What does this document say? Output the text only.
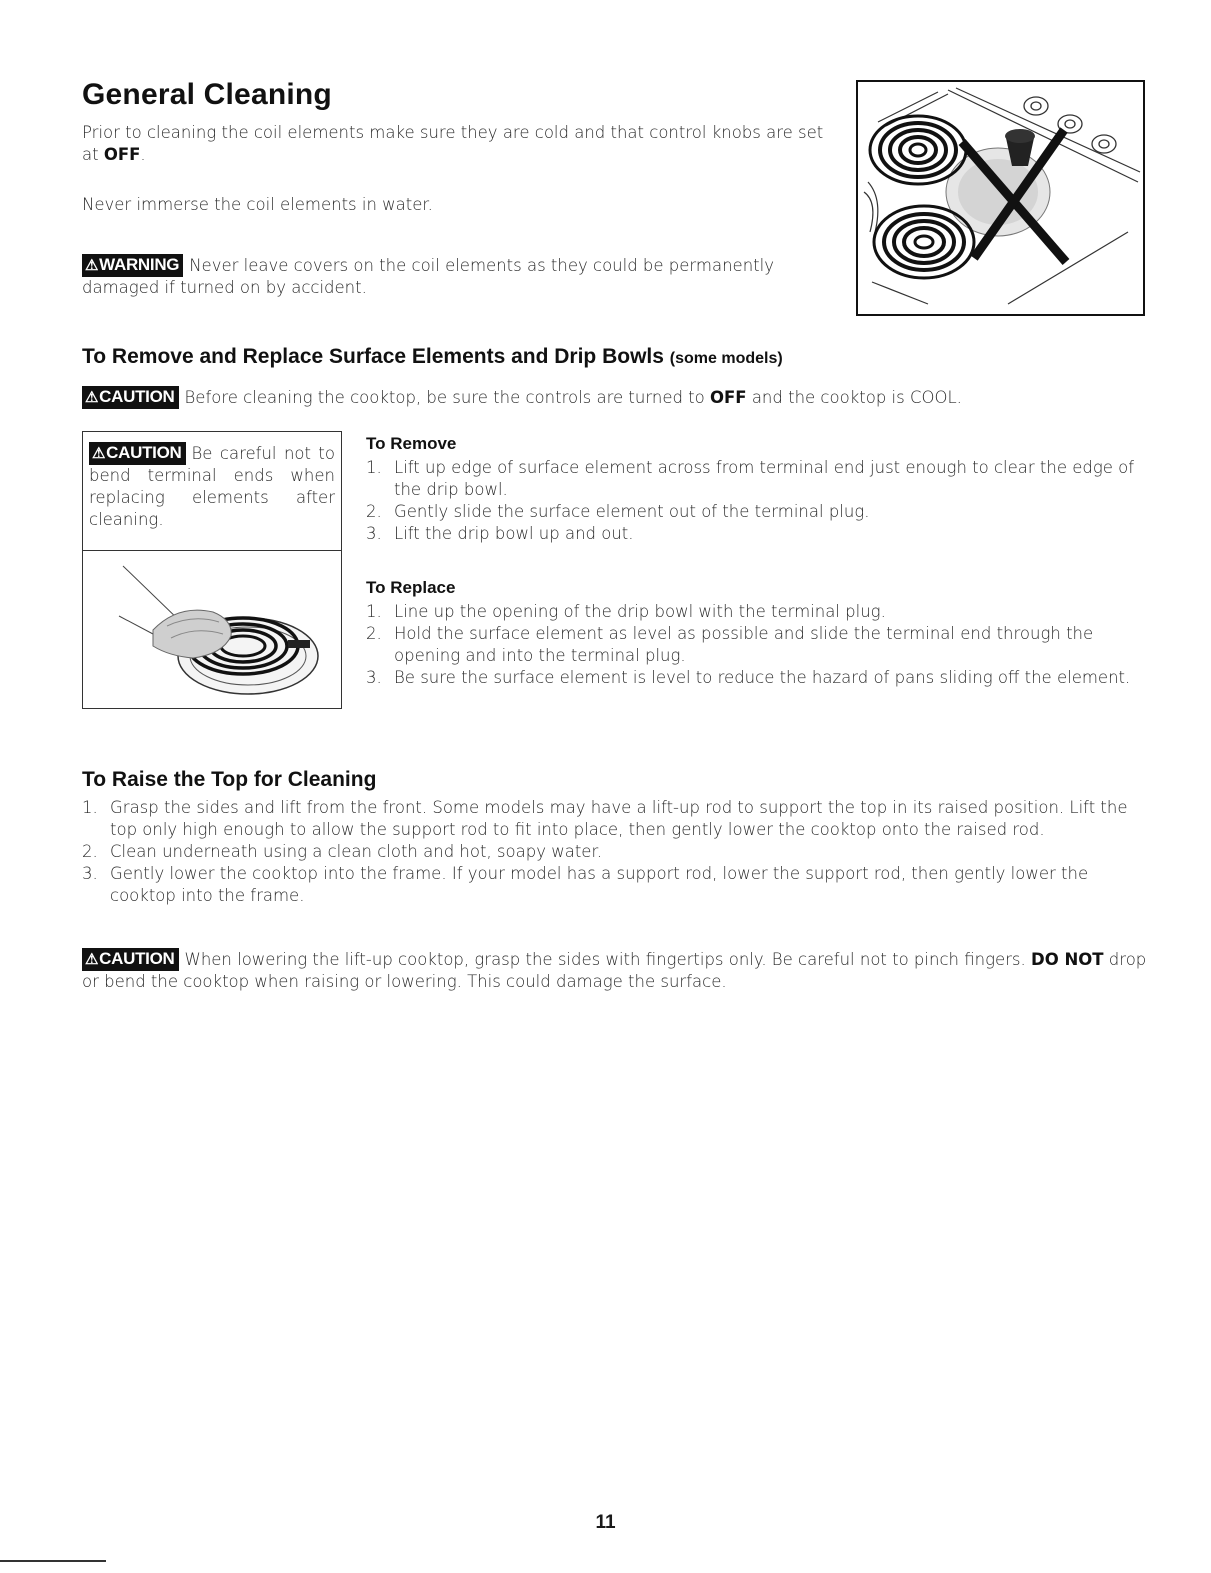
General Cleaning
Prior to cleaning the coil elements make sure they are cold and that control knobs are set at OFF.
Never immerse the coil elements in water.
⚠WARNING Never leave covers on the coil elements as they could be permanently damaged if turned on by accident.
To Remove and Replace Surface Elements and Drip Bowls (some models)
⚠CAUTION Before cleaning the cooktop, be sure the controls are turned to OFF and the cooktop is COOL.
⚠CAUTION Be careful not to bend terminal ends when replacing elements after cleaning.
To Remove
1. Lift up edge of surface element across from terminal end just enough to clear the edge of the drip bowl.
2. Gently slide the surface element out of the terminal plug.
3. Lift the drip bowl up and out.
To Replace
1. Line up the opening of the drip bowl with the terminal plug.
2. Hold the surface element as level as possible and slide the terminal end through the opening and into the terminal plug.
3. Be sure the surface element is level to reduce the hazard of pans sliding off the element.
To Raise the Top for Cleaning
1. Grasp the sides and lift from the front. Some models may have a lift-up rod to support the top in its raised position. Lift the top only high enough to allow the support rod to fit into place, then gently lower the cooktop onto the raised rod.
2. Clean underneath using a clean cloth and hot, soapy water.
3. Gently lower the cooktop into the frame. If your model has a support rod, lower the support rod, then gently lower the cooktop into the frame.
⚠CAUTION When lowering the lift-up cooktop, grasp the sides with fingertips only. Be careful not to pinch fingers. DO NOT drop or bend the cooktop when raising or lowering. This could damage the surface.
11
